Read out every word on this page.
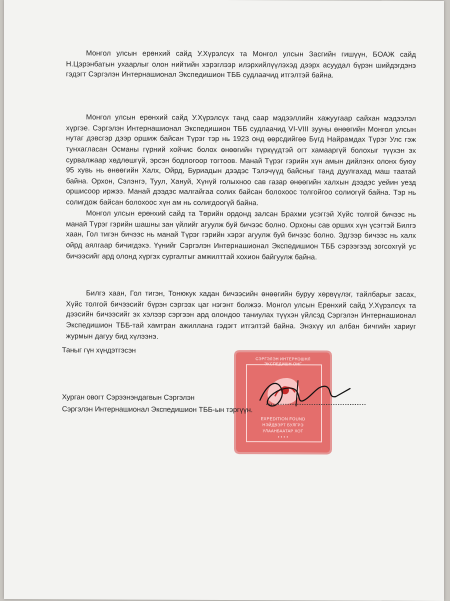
Монгол улсын ерөнхий сайд У.Хүрэлсүх та Монгол улсын Засгийн гишүүн, БОАЖ сайд Н.Цэрэнбатын ухаарлыг олон нийтийн хэрэглээр илэрхийлүүлэхэд дээрх асуудал бүрэн шийдэгдэнэ гэдэгт Сэргэлэн Интернашионал Экспедишион ТББ судлаачид итгэлтэй байна.

Монгол улсын ерөнхий сайд У.Хүрэлсүх танд саар мэдээллийн хажуугаар сайхан мэдээлэл хүргэе. Сэргэлэн Интернашионал Экспедишион ТББ судлаачид VI-VIII зууны өнөөгийн Монгол улсын нутаг дэвсгэр дээр оршиж байсан Түрэг тэр нь 1923 онд өөрсдийгөө Бүгд Найрамдах Түрэг Улс гэж тунхагласан Османы гүрний хойчис болох өнөөгийн түркүүдтэй огт хамааргүй болохыг түүхэн эх сурвалжаар хөдлөшгүй, эрсэн бодлогоор тогтоов. Манай Түрэг гэрийн хүн амын дийлэнх олонх буюу 95 хувь нь өнөөгийн Халх, Ойрд, Буриадын дээдэс Тэлэчүүд байсныг танд дуулгахад маш таатай байна. Орхон, Сэлэнгэ, Туул, Хануй, Хүнүй голыхноо сав газар өнөөгийн халхын дээдэс уейин уезд оршисоор иржээ. Манай дээдэс малгайгаа солих байсан болохоос толгойгоо солиогүй байна. Тэр нь солигдож байсан болохоос хүн ам нь солигдоогүй байна.

Монгол улсын ерөнхий сайд та Төрийн ордонд залсан Брахми усэггэй Хүйс толгой бичээс нь манай Түрэг гэрийн шашны зан үйлийг агуулж буй бичээс болно. Орхоны сав орших хүн үсэгтэй Билгэ хаан, Гол тигэн бичээс нь манай Түрэг гэрийн хэрэг агуулж буй бичээс болно. Эдгээр бичээс нь халх ойрд аялгаар бичигдэхэ. Үүнийг Сэргэлэн Интернашионал Экспедишион ТББ сэрээгээд зогсохгүй ус бичээсийг ард олонд хүргэх сургалтыг амжилттай хохион байгуулж байна.

Билгэ хаан, Гол тигэн, Тонюкук хадан бичээсийн өнөөгийн буруу хөрвүүлэг, тайлбарыг засах, Хүйс толгой бичээсийг бүрэн сэргээх цаг нэгэнт болжээ. Монгол улсын Ерөнхий сайд У.Хүрэлсүх та дээсийн бичээсийг эх хэлээр сэргээн ард олондоо таниулах түүхэн үйлсэд Сэргэлэн Интернашионал Экспедишион ТББ-тай хамтран ажиллана гэдэгт итгэлтэй байна. Энэхүү ил албан бичгийн хариуг журмын дагуу бид хүлээнэ.

Таныг гүн хүндэтгэсэн
СЭРГЭЛЭН ИНТЕРНЭШНЛ
ЭКСПЕДИШН ОНГ
EXPEDITION FOUND
НЭЙДВЭРТ БУЛГРЭ
УЛААНБААТАР ХОТ
• • • •
Хурган овогт Сэрээнэндагвын Сэргэлэн
Сэргэлэн Интернашионал Экспедишион ТББ-ын тэргүүн.
